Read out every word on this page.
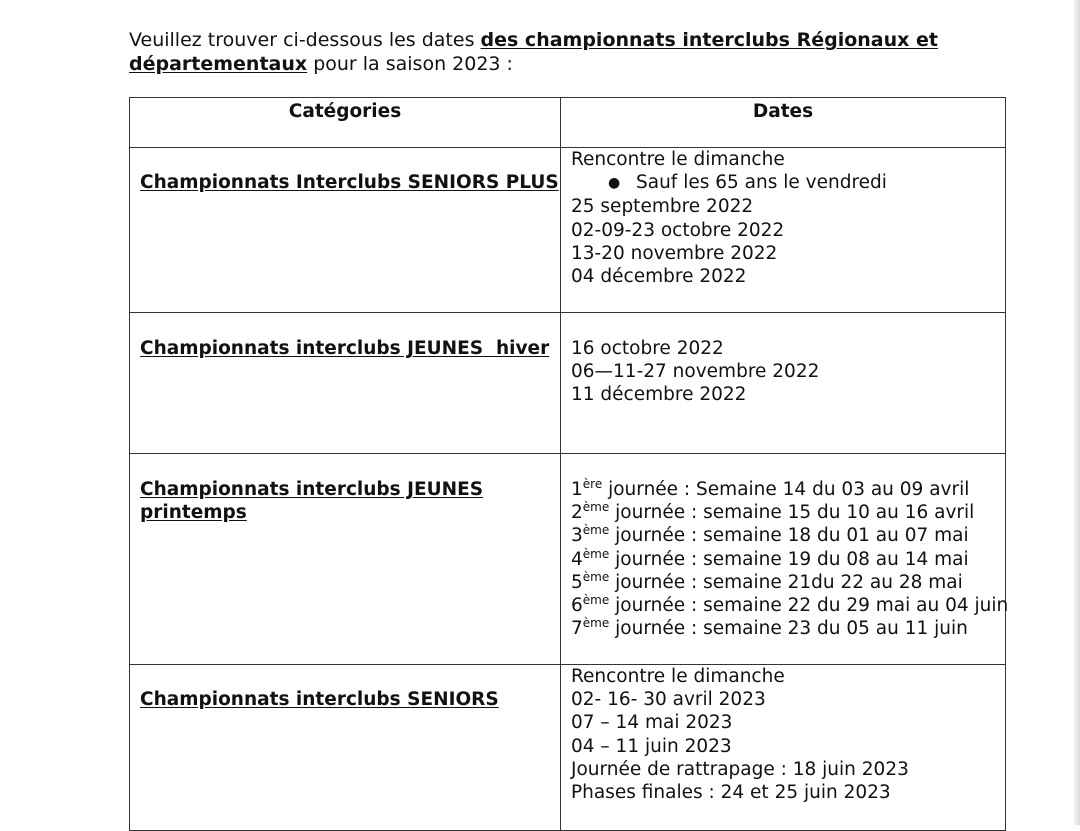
Veuillez trouver ci-dessous les dates des championnats interclubs Régionaux et
départementaux pour la saison 2023 :
Catégories	Dates
Championnats Interclubs SENIORS PLUS
Rencontre le dimanche
● Sauf les 65 ans le vendredi
25 septembre 2022
02-09-23 octobre 2022
13-20 novembre 2022
04 décembre 2022
Championnats interclubs JEUNES  hiver	16 octobre 2022
06—11-27 novembre 2022
11 décembre 2022
Championnats interclubs JEUNES printemps
1ère journée : Semaine 14 du 03 au 09 avril
2ème journée : semaine 15 du 10 au 16 avril
3ème journée : semaine 18 du 01 au 07 mai
4ème journée : semaine 19 du 08 au 14 mai
5ème journée : semaine 21du 22 au 28 mai
6ème journée : semaine 22 du 29 mai au 04 juin
7ème journée : semaine 23 du 05 au 11 juin
Championnats interclubs SENIORS
Rencontre le dimanche
02- 16- 30 avril 2023
07 – 14 mai 2023
04 – 11 juin 2023
Journée de rattrapage : 18 juin 2023
Phases finales : 24 et 25 juin 2023
